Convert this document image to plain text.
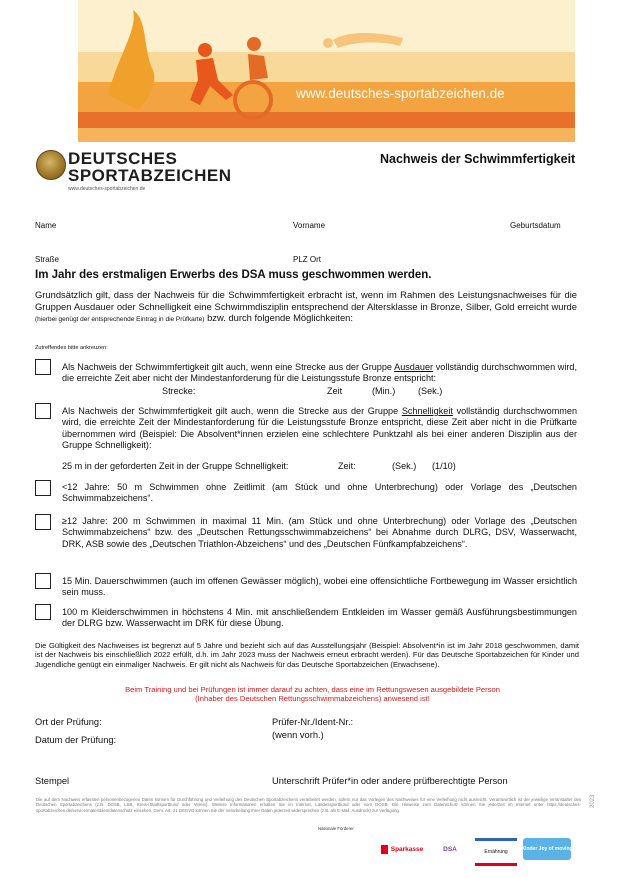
www.deutsches-sportabzeichen.de
DEUTSCHES
SPORTABZEICHEN
www.deutsches-sportabzeichen.de
Nachweis der Schwimmfertigkeit
Name	Vorname	Geburtsdatum
Straße	PLZ Ort
Im Jahr des erstmaligen Erwerbs des DSA muss geschwommen werden.
Grundsätzlich gilt, dass der Nachweis für die Schwimmfertigkeit erbracht ist, wenn im Rahmen des Leistungsnachweises für die Gruppen Ausdauer oder Schnelligkeit eine Schwimmdisziplin entsprechend der Altersklasse in Bronze, Silber, Gold erreicht wurde (hierbei genügt der entsprechende Eintrag in die Prüfkarte) bzw. durch folgende Möglichkeiten:
Zutreffendes bitte ankreuzen:
Als Nachweis der Schwimmfertigkeit gilt auch, wenn eine Strecke aus der Gruppe Ausdauer vollständig durchschwommen wird, die erreichte Zeit aber nicht der Mindestanforderung für die Leistungsstufe Bronze entspricht:
Strecke:	Zeit	(Min.)	(Sek.)
Als Nachweis der Schwimmfertigkeit gilt auch, wenn die Strecke aus der Gruppe Schnelligkeit vollständig durchschwommen wird, die erreichte Zeit der Mindestanforderung für die Leistungsstufe Bronze entspricht, diese Zeit aber nicht in die Prüfkarte übernommen wird (Beispiel: Die Absolvent*innen erzielen eine schlechtere Punktzahl als bei einer anderen Disziplin aus der Gruppe Schnelligkeit):
25 m in der geforderten Zeit in der Gruppe Schnelligkeit:	Zeit:	(Sek.) (1/10)
<12 Jahre: 50 m Schwimmen ohne Zeitlimit (am Stück und ohne Unterbrechung) oder Vorlage des „Deutschen Schwimmabzeichens“.
≥12 Jahre: 200 m Schwimmen in maximal 11 Min. (am Stück und ohne Unterbrechung) oder Vorlage des „Deutschen Schwimmabzeichens“ bzw. des „Deutschen Rettungsschwimmabzeichens“ bei Abnahme durch DLRG, DSV, Wasserwacht, DRK, ASB sowie des „Deutschen Triathlon-Abzeichens“ und des „Deutschen Fünfkampfabzeichens“.
15 Min. Dauerschwimmen (auch im offenen Gewässer möglich), wobei eine offensichtliche Fortbewegung im Wasser ersichtlich sein muss.
100 m Kleiderschwimmen in höchstens 4 Min. mit anschließendem Entkleiden im Wasser gemäß Ausführungsbestimmungen der DLRG bzw. Wasserwacht im DRK für diese Übung.
Die Gültigkeit des Nachweises ist begrenzt auf 5 Jahre und bezieht sich auf das Ausstellungsjahr (Beispiel: Absolvent*in ist im Jahr 2018 geschwommen, damit ist der Nachweis bis einschließlich 2022 erfüllt, d.h. im Jahr 2023 muss der Nachweis erneut erbracht werden). Für das Deutsche Sportabzeichen für Kinder und Jugendliche genügt ein einmaliger Nachweis. Er gilt nicht als Nachweis für das Deutsche Sportabzeichen (Erwachsene).
Beim Training und bei Prüfungen ist immer darauf zu achten, dass eine im Rettungswesen ausgebildete Person (Inhaber des Deutschen Rettungsschwimmabzeichens) anwesend ist!
Ort der Prüfung:
Datum der Prüfung:
Prüfer-Nr./Ident-Nr.:
(wenn vorh.)
Stempel	Unterschrift Prüfer*in oder andere prüfberechtigte Person
Die auf dem Nachweis erfassten personenbezogenen Daten können für Durchführung und Verleihung des Deutschen Sportabzeichens verarbeitet werden, sofern nur das Vorlegen des Nachweises für eine Verleihung nicht ausreicht. Verantwortlich ist der jeweilige Veranstalter des Deutschen Sportabzeichens (z.B. DOSB, LSB, Kreis-/Stadtsportbund oder Verein). Weitere Informationen erhalten Sie im Internet, Landessportbund oder vom DOSB. Die Hinweise zum Datenschutz können Sie jederzeit im Internet unter https://deutsches-sportabzeichen.de/service/materialien/datenschutz einsehen. Gem. Art. 21 DSGVO können Sie der Verarbeitung Ihrer Daten jederzeit widersprechen (z.B. als E-Mail, Ausdruck) zur Verfügung.
2023
Nationale Förderer
Sparkasse	DSA	Ernährung	Kinder Joy of moving
